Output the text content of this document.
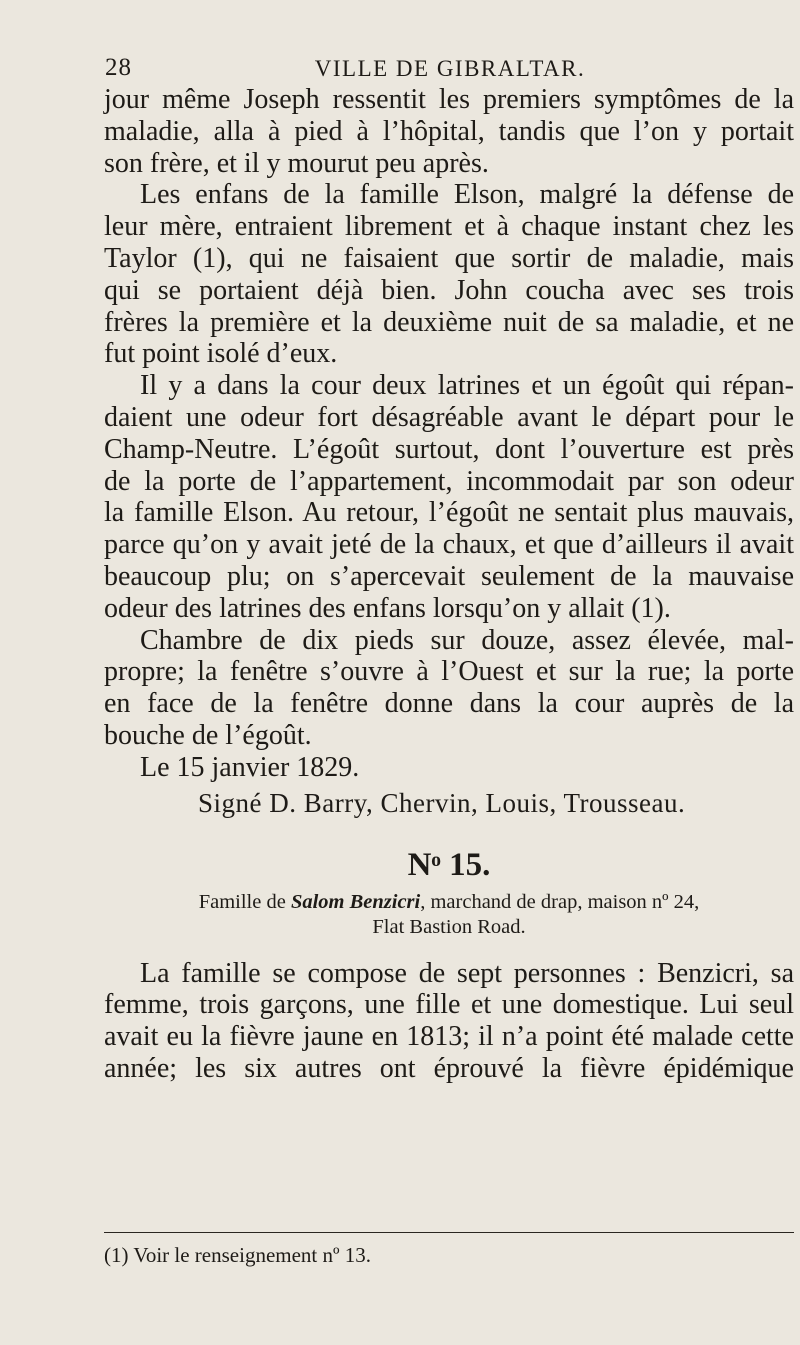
28	VILLE DE GIBRALTAR.
jour même Joseph ressentit les premiers symptômes de la
maladie, alla à pied à l’hôpital, tandis que l’on y portait
son frère, et il y mourut peu après.
Les enfans de la famille Elson, malgré la défense de
leur mère, entraient librement et à chaque instant chez les
Taylor (1), qui ne faisaient que sortir de maladie, mais
qui se portaient déjà bien. John coucha avec ses trois
frères la première et la deuxième nuit de sa maladie, et ne
fut point isolé d’eux.
Il y a dans la cour deux latrines et un égoût qui répan-
daient une odeur fort désagréable avant le départ pour le
Champ-Neutre. L’égoût surtout, dont l’ouverture est près
de la porte de l’appartement, incommodait par son odeur
la famille Elson. Au retour, l’égoût ne sentait plus mauvais,
parce qu’on y avait jeté de la chaux, et que d’ailleurs il avait
beaucoup plu; on s’apercevait seulement de la mauvaise
odeur des latrines des enfans lorsqu’on y allait (1).
Chambre de dix pieds sur douze, assez élevée, mal-
propre; la fenêtre s’ouvre à l’Ouest et sur la rue; la porte
en face de la fenêtre donne dans la cour auprès de la
bouche de l’égoût.
Le 15 janvier 1829.
Signé D. Barry, Chervin, Louis, Trousseau.
Nᵒ 15.
Famille de Salom Benzicri, marchand de drap, maison nº 24,
Flat Bastion Road.
La famille se compose de sept personnes : Benzicri, sa
femme, trois garçons, une fille et une domestique. Lui seul
avait eu la fièvre jaune en 1813; il n’a point été malade cette
année; les six autres ont éprouvé la fièvre épidémique
(1) Voir le renseignement nº 13.
